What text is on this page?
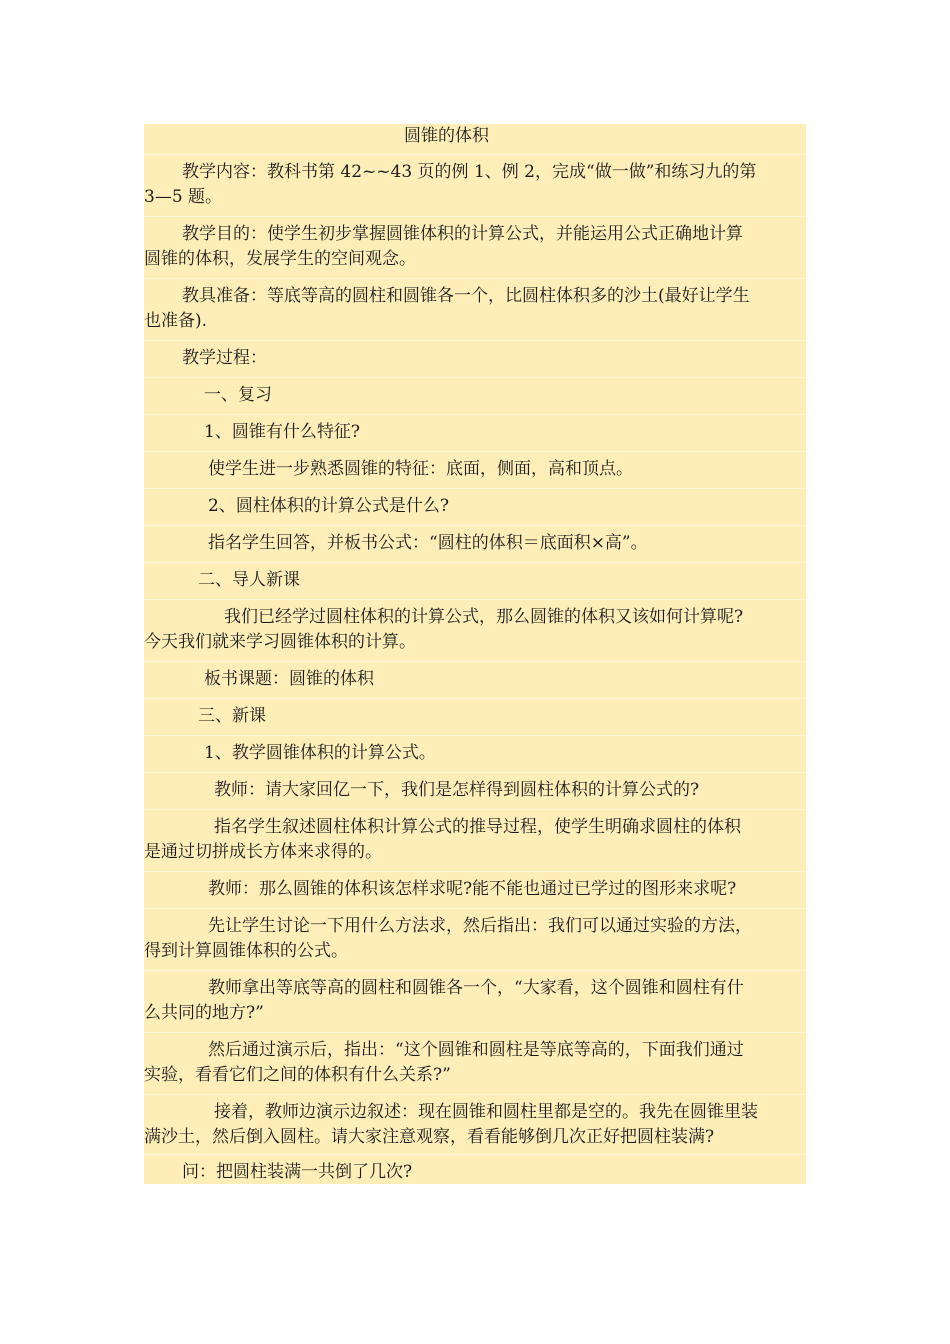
圆锥的体积
教学内容：教科书第 42~~43 页的例 1、例 2，完成“做一做”和练习九的第
3—5 题。
教学目的：使学生初步掌握圆锥体积的计算公式，并能运用公式正确地计算
圆锥的体积，发展学生的空间观念。
教具准备：等底等高的圆柱和圆锥各一个，比圆柱体积多的沙土(最好让学生
也准备).
教学过程：
一、复习
1、圆锥有什么特征?
使学生进一步熟悉圆锥的特征：底面，侧面，高和顶点。
2、圆柱体积的计算公式是什么?
指名学生回答，并板书公式：“圆柱的体积＝底面积×高”。
二、导人新课
我们已经学过圆柱体积的计算公式，那么圆锥的体积又该如何计算呢?
今天我们就来学习圆锥体积的计算。
板书课题：圆锥的体积
三、新课
1、教学圆锥体积的计算公式。
教师：请大家回亿一下，我们是怎样得到圆柱体积的计算公式的?
指名学生叙述圆柱体积计算公式的推导过程，使学生明确求圆柱的体积
是通过切拼成长方体来求得的。
教师：那么圆锥的体积该怎样求呢?能不能也通过已学过的图形来求呢?
先让学生讨论一下用什么方法求，然后指出：我们可以通过实验的方法，
得到计算圆锥体积的公式。
教师拿出等底等高的圆柱和圆锥各一个，“大家看，这个圆锥和圆柱有什
么共同的地方?”
然后通过演示后，指出：“这个圆锥和圆柱是等底等高的，下面我们通过
实验，看看它们之间的体积有什么关系?”
接着，教师边演示边叙述：现在圆锥和圆柱里都是空的。我先在圆锥里装
满沙土，然后倒入圆柱。请大家注意观察，看看能够倒几次正好把圆柱装满?
问：把圆柱装满一共倒了几次?
